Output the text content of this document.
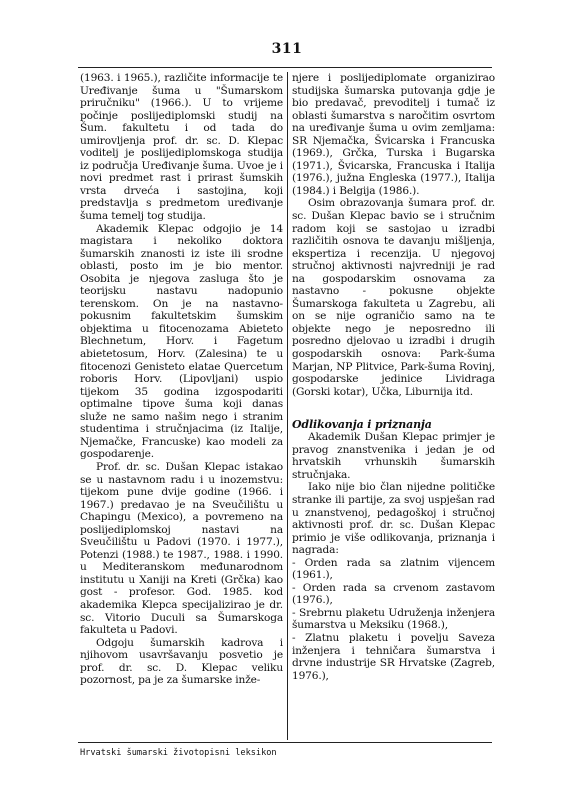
311

(1963. i 1965.), različite informacije te Uređivanje šuma u "Šumarskom priručniku" (1966.). U to vrijeme počinje poslijediplomski studij na Šum. fakultetu i od tada do umirovljenja prof. dr. sc. D. Klepac voditelj je poslijediplomskoga studija iz područja Uređivanje šuma. Uvoe je i novi predmet rast i prirast šumskih vrsta drveća i sastojina, koji predstavlja s predmetom uređivanje šuma temelj tog studija.

Akademik Klepac odgojio je 14 magistara i nekoliko doktora šumarskih znanosti iz iste ili srodne oblasti, posto im je bio mentor. Osobita je njegova zasluga što je teorijsku nastavu nadopunio terenskom. On je na nastavno-pokusnim fakultetskim šumskim objektima u fitocenozama Abieteto Blechnetum, Horv. i Fagetum abietetosum, Horv. (Zalesina) te u fitocenozi Genisteto elatae Quercetum roboris Horv. (Lipovljani) uspio tijekom 35 godina izgospodariti optimalne tipove šuma koji danas služe ne samo našim nego i stranim studentima i stručnjacima (iz Italije, Njemačke, Francuske) kao modeli za gospodarenje.

Prof. dr. sc. Dušan Klepac istakao se u nastavnom radu i u inozemstvu: tijekom pune dvije godine (1966. i 1967.) predavao je na Sveučilištu u Chapingu (Mexico), a povremeno na poslijediplomskoj nastavi na Sveučilištu u Padovi (1970. i 1977.), Potenzi (1988.) te 1987., 1988. i 1990. u Mediteranskom međunarodnom institutu u Xaniji na Kreti (Grčka) kao gost - profesor. God. 1985. kod akademika Klepca specijalizirao je dr. sc. Vitorio Duculi sa Šumarskoga fakulteta u Padovi.

Odgoju šumarskih kadrova i njihovom usavršavanju posvetio je prof. dr. sc. D. Klepac veliku pozornost, pa je za šumarske inže-

njere i poslijediplomate organizirao studijska šumarska putovanja gdje je bio predavač, prevoditelj i tumač iz oblasti šumarstva s naročitim osvrtom na uređivanje šuma u ovim zemljama: SR Njemačka, Švicarska i Francuska (1969.), Grčka, Turska i Bugarska (1971.), Švicarska, Francuska i Italija (1976.), južna Engleska (1977.), Italija (1984.) i Belgija (1986.).

Osim obrazovanja šumara prof. dr. sc. Dušan Klepac bavio se i stručnim radom koji se sastojao u izradbi različitih osnova te davanju mišljenja, ekspertiza i recenzija. U njegovoj stručnoj aktivnosti najvredniji je rad na gospodarskim osnovama za nastavno - pokusne objekte Šumarskoga fakulteta u Zagrebu, ali on se nije ograničio samo na te objekte nego je neposredno ili posredno djelovao u izradbi i drugih gospodarskih osnova: Park-šuma Marjan, NP Plitvice, Park-šuma Rovinj, gospodarske jedinice Lividraga (Gorski kotar), Učka, Liburnija itd.

Odlikovanja i priznanja

Akademik Dušan Klepac primjer je pravog znanstvenika i jedan je od hrvatskih vrhunskih šumarskih stručnjaka.

Iako nije bio član nijedne političke stranke ili partije, za svoj uspješan rad u znanstvenoj, pedagoškoj i stručnoj aktivnosti prof. dr. sc. Dušan Klepac primio je više odlikovanja, priznanja i nagrada:

- Orden rada sa zlatnim vijencem (1961.),

- Orden rada sa crvenom zastavom (1976.),

- Srebrnu plaketu Udruženja inženjera šumarstva u Meksiku (1968.),

- Zlatnu plaketu i povelju Saveza inženjera i tehničara šumarstva i drvne industrije SR Hrvatske (Zagreb, 1976.),

Hrvatski šumarski životopisni leksikon
